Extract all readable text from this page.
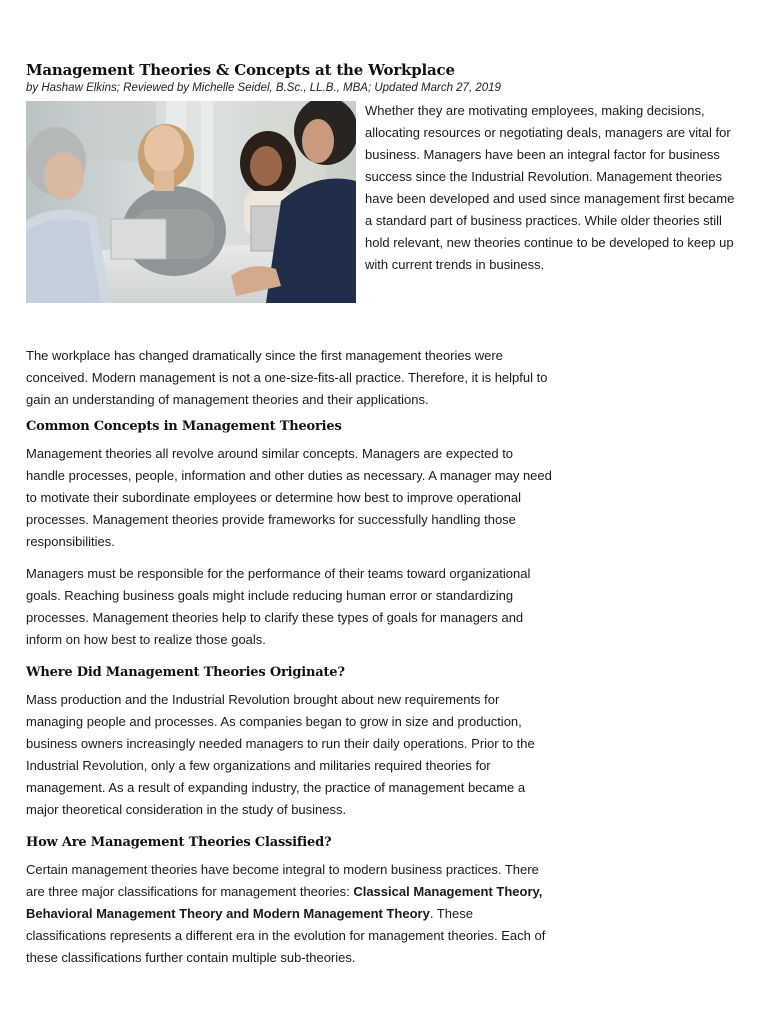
Management Theories & Concepts at the Workplace

by Hashaw Elkins; Reviewed by Michelle Seidel, B.Sc., LL.B., MBA; Updated March 27, 2019

Whether they are motivating employees, making decisions, allocating resources or negotiating deals, managers are vital for business. Managers have been an integral factor for business success since the Industrial Revolution. Management theories have been developed and used since management first became a standard part of business practices. While older theories still hold relevant, new theories continue to be developed to keep up with current trends in business.

The workplace has changed dramatically since the first management theories were conceived. Modern management is not a one-size-fits-all practice. Therefore, it is helpful to gain an understanding of management theories and their applications.

Common Concepts in Management Theories

Management theories all revolve around similar concepts. Managers are expected to handle processes, people, information and other duties as necessary. A manager may need to motivate their subordinate employees or determine how best to improve operational processes. Management theories provide frameworks for successfully handling those responsibilities.

Managers must be responsible for the performance of their teams toward organizational goals. Reaching business goals might include reducing human error or standardizing processes. Management theories help to clarify these types of goals for managers and inform on how best to realize those goals.

Where Did Management Theories Originate?

Mass production and the Industrial Revolution brought about new requirements for managing people and processes. As companies began to grow in size and production, business owners increasingly needed managers to run their daily operations. Prior to the Industrial Revolution, only a few organizations and militaries required theories for management. As a result of expanding industry, the practice of management became a major theoretical consideration in the study of business.

How Are Management Theories Classified?

Certain management theories have become integral to modern business practices. There are three major classifications for management theories: Classical Management Theory, Behavioral Management Theory and Modern Management Theory. These classifications represents a different era in the evolution for management theories. Each of these classifications further contain multiple sub-theories.
